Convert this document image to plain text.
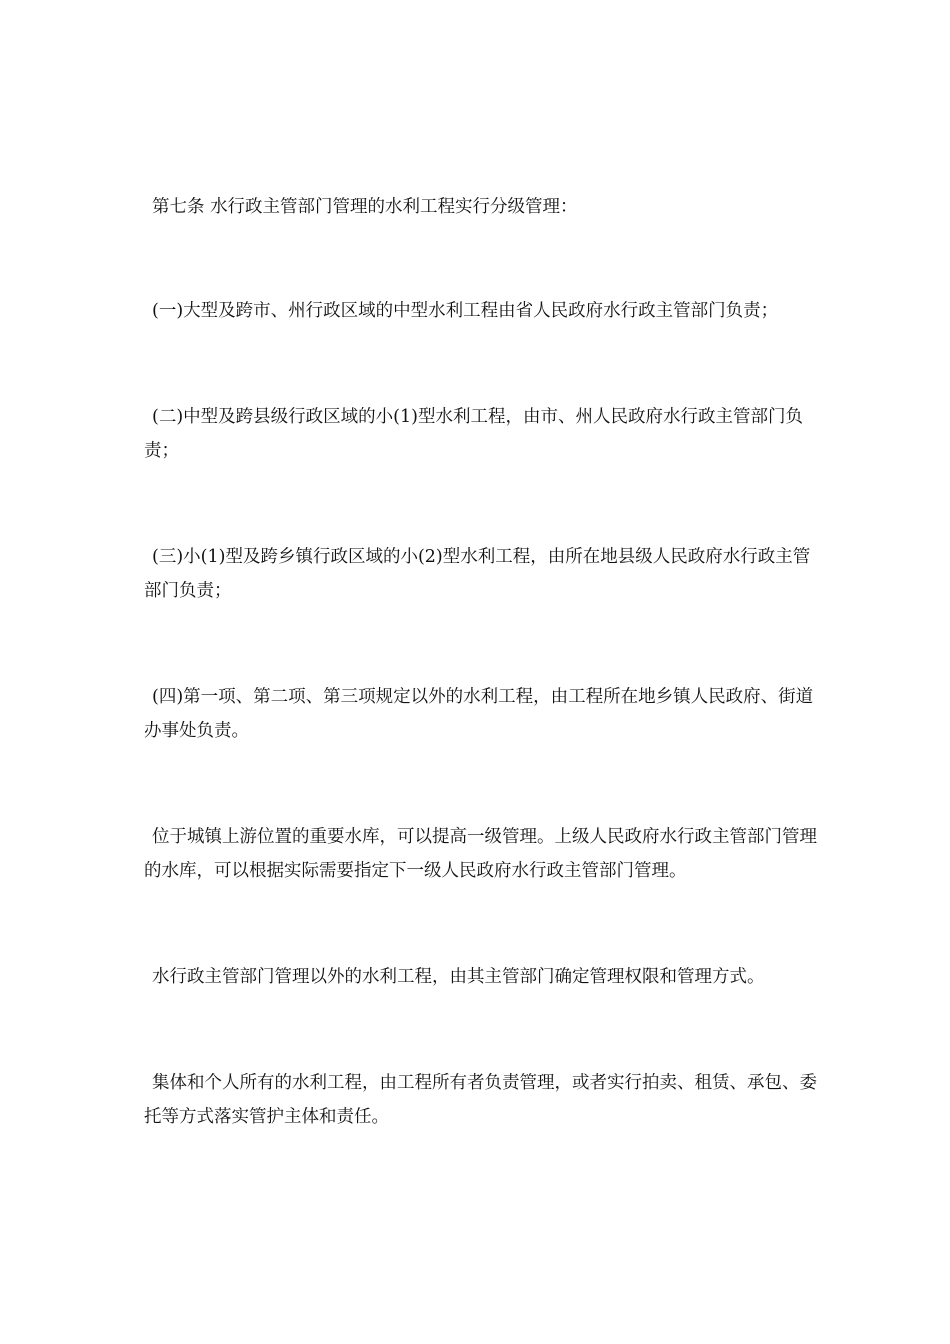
第七条 水行政主管部门管理的水利工程实行分级管理：

(一)大型及跨市、州行政区域的中型水利工程由省人民政府水行政主管部门负责；

(二)中型及跨县级行政区域的小(1)型水利工程，由市、州人民政府水行政主管部门负责；

(三)小(1)型及跨乡镇行政区域的小(2)型水利工程，由所在地县级人民政府水行政主管部门负责；

(四)第一项、第二项、第三项规定以外的水利工程，由工程所在地乡镇人民政府、街道办事处负责。

位于城镇上游位置的重要水库，可以提高一级管理。上级人民政府水行政主管部门管理的水库，可以根据实际需要指定下一级人民政府水行政主管部门管理。

水行政主管部门管理以外的水利工程，由其主管部门确定管理权限和管理方式。

集体和个人所有的水利工程，由工程所有者负责管理，或者实行拍卖、租赁、承包、委托等方式落实管护主体和责任。
